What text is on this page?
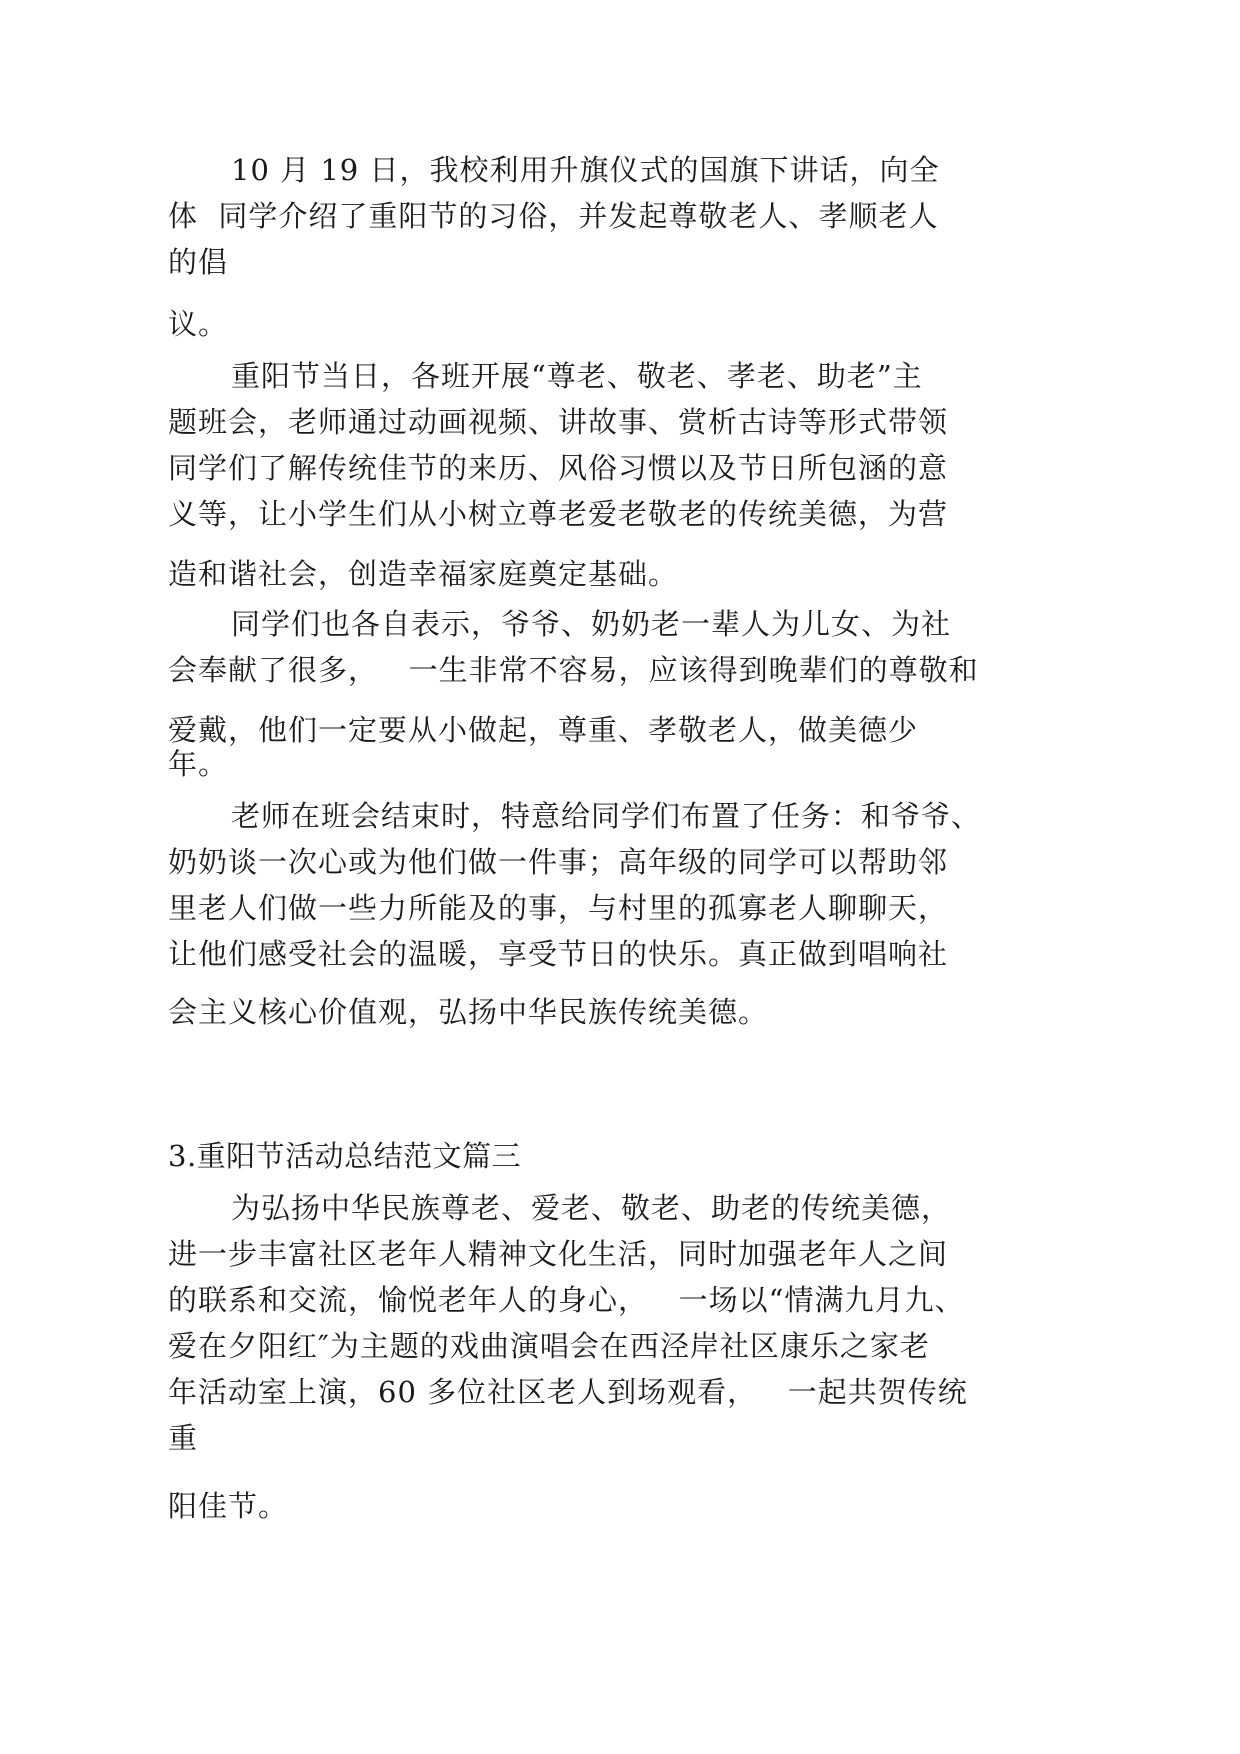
10 月 19 日，我校利用升旗仪式的国旗下讲话，向全
体  同学介绍了重阳节的习俗，并发起尊敬老人、孝顺老人
的倡
议。
重阳节当日，各班开展“尊老、敬老、孝老、助老”主
题班会，老师通过动画视频、讲故事、赏析古诗等形式带领
同学们了解传统佳节的来历、风俗习惯以及节日所包涵的意
义等，让小学生们从小树立尊老爱老敬老的传统美德，为营
造和谐社会，创造幸福家庭奠定基础。
同学们也各自表示，爷爷、奶奶老一辈人为儿女、为社
会奉献了很多，   一生非常不容易，应该得到晚辈们的尊敬和
爱戴，他们一定要从小做起，尊重、孝敬老人，做美德少
年。
老师在班会结束时，特意给同学们布置了任务：和爷爷、
奶奶谈一次心或为他们做一件事；高年级的同学可以帮助邻
里老人们做一些力所能及的事，与村里的孤寡老人聊聊天，
让他们感受社会的温暖，享受节日的快乐。真正做到唱响社
会主义核心价值观，弘扬中华民族传统美德。
3.重阳节活动总结范文篇三
为弘扬中华民族尊老、爱老、敬老、助老的传统美德，
进一步丰富社区老年人精神文化生活，同时加强老年人之间
的联系和交流，愉悦老年人的身心，   一场以“情满九月九、
爱在夕阳红″为主题的戏曲演唱会在西泾岸社区康乐之家老
年活动室上演，60 多位社区老人到场观看，   一起共贺传统
重
阳佳节。
